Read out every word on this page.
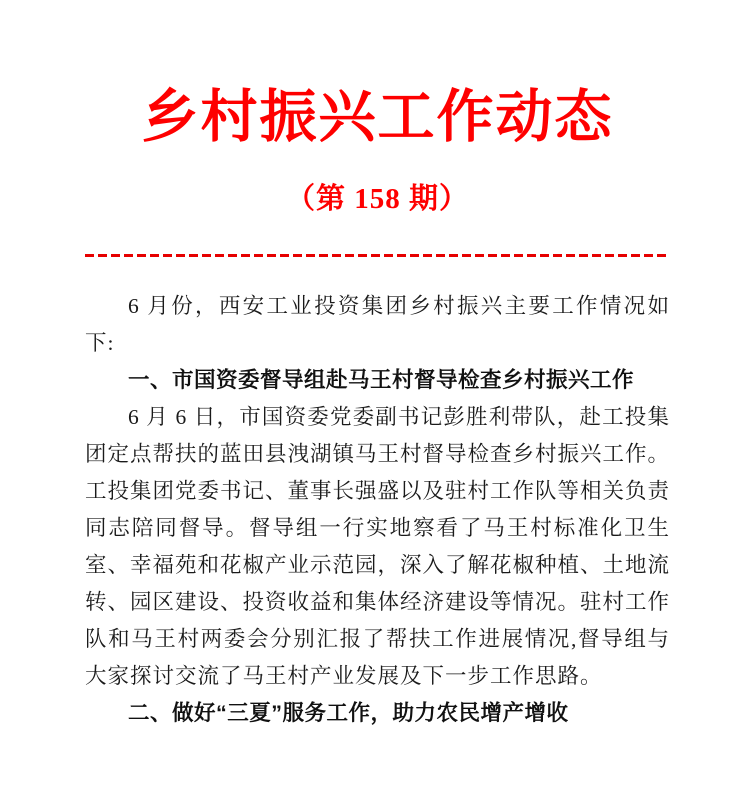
乡村振兴工作动态
（第 158 期）

6 月份，西安工业投资集团乡村振兴主要工作情况如下:

一、市国资委督导组赴马王村督导检查乡村振兴工作

6 月 6 日，市国资委党委副书记彭胜利带队，赴工投集团定点帮扶的蓝田县洩湖镇马王村督导检查乡村振兴工作。工投集团党委书记、董事长强盛以及驻村工作队等相关负责同志陪同督导。督导组一行实地察看了马王村标准化卫生室、幸福苑和花椒产业示范园，深入了解花椒种植、土地流转、园区建设、投资收益和集体经济建设等情况。驻村工作队和马王村两委会分别汇报了帮扶工作进展情况,督导组与大家探讨交流了马王村产业发展及下一步工作思路。

二、做好“三夏”服务工作，助力农民增产增收
